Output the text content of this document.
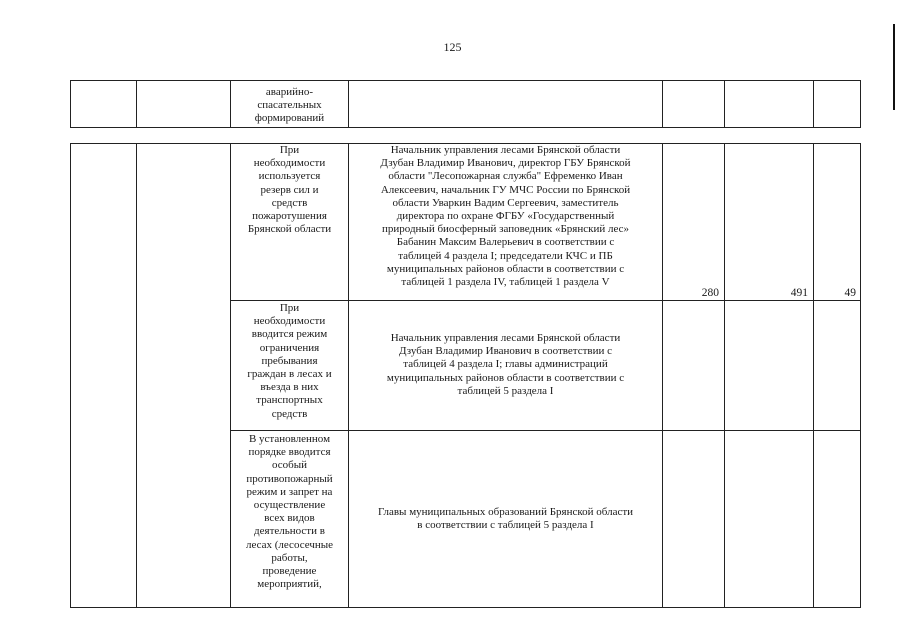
125
аварийно-
спасательных
формирований
При
необходимости
используется
резерв сил и
средств
пожаротушения
Брянской области
Начальник управления лесами Брянской области
Дзубан Владимир Иванович, директор ГБУ Брянской
области "Лесопожарная служба" Ефременко Иван
Алексеевич, начальник ГУ МЧС России по Брянской
области Уваркин Вадим Сергеевич, заместитель
директора по охране ФГБУ «Государственный
природный биосферный заповедник «Брянский лес»
Бабанин Максим Валерьевич в соответствии с
таблицей 4 раздела I; председатели КЧС и ПБ
муниципальных районов области в соответствии с
таблицей 1 раздела IV, таблицей 1 раздела V
280	491	49
При
необходимости
вводится режим
ограничения
пребывания
граждан в лесах и
въезда в них
транспортных
средств
Начальник управления лесами Брянской области
Дзубан Владимир Иванович в соответствии с
таблицей 4 раздела I; главы администраций
муниципальных районов области в соответствии с
таблицей 5 раздела I
В установленном
порядке вводится
особый
противопожарный
режим и запрет на
осуществление
всех видов
деятельности в
лесах (лесосечные
работы,
проведение
мероприятий,
Главы муниципальных образований Брянской области
в соответствии с таблицей 5 раздела I
